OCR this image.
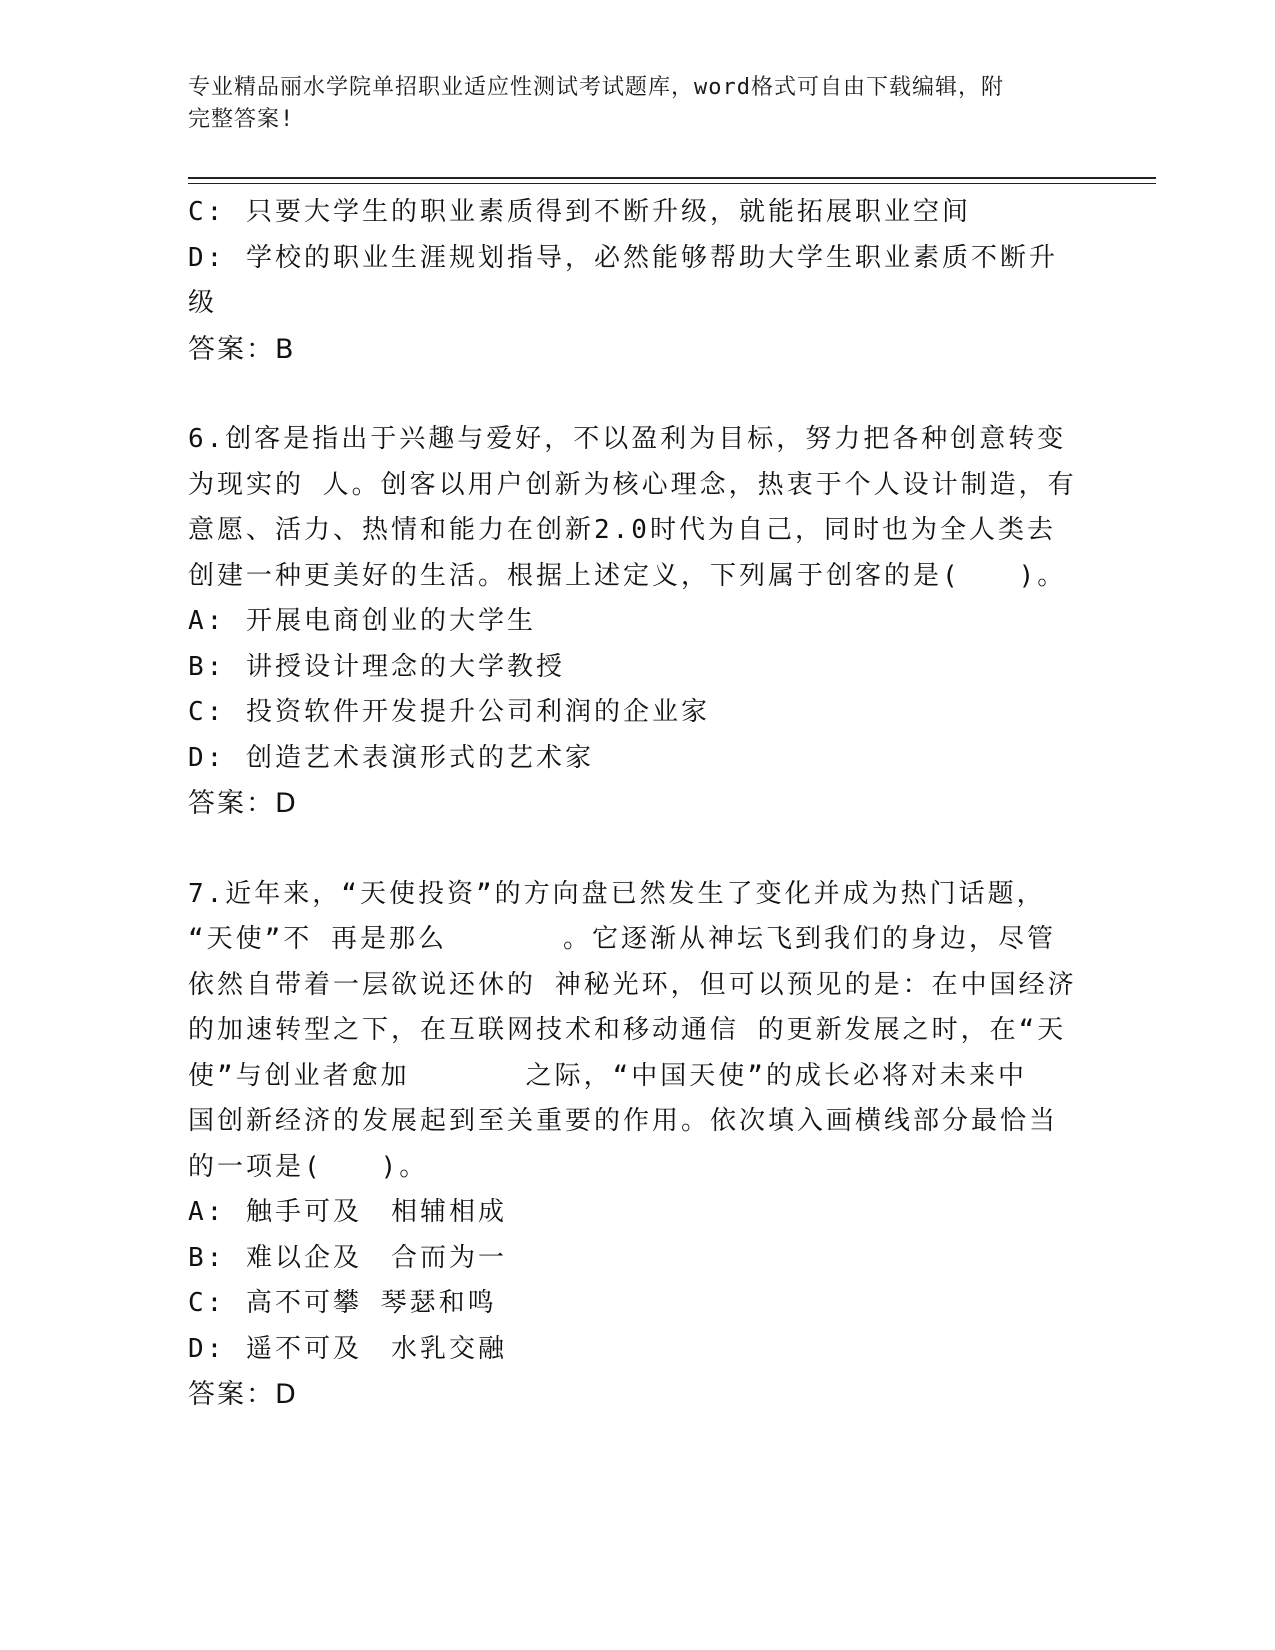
专业精品丽水学院单招职业适应性测试考试题库，word格式可自由下载编辑，附
完整答案!

C: 只要大学生的职业素质得到不断升级，就能拓展职业空间

D: 学校的职业生涯规划指导，必然能够帮助大学生职业素质不断升

级

答案：B

6.创客是指出于兴趣与爱好，不以盈利为目标，努力把各种创意转变

为现实的 人。创客以用户创新为核心理念，热衷于个人设计制造，有

意愿、活力、热情和能力在创新2.0时代为自己，同时也为全人类去

创建一种更美好的生活。根据上述定义，下列属于创客的是(　　)。

A: 开展电商创业的大学生

B: 讲授设计理念的大学教授

C: 投资软件开发提升公司利润的企业家

D: 创造艺术表演形式的艺术家

答案：D

7.近年来，“天使投资”的方向盘已然发生了变化并成为热门话题，

“天使”不 再是那么　　　　。它逐渐从神坛飞到我们的身边，尽管

依然自带着一层欲说还休的 神秘光环，但可以预见的是：在中国经济

的加速转型之下，在互联网技术和移动通信 的更新发展之时，在“天

使”与创业者愈加　　　　之际，“中国天使”的成长必将对未来中

国创新经济的发展起到至关重要的作用。依次填入画横线部分最恰当

的一项是(　　)。

A: 触手可及　相辅相成

B: 难以企及　合而为一

C: 高不可攀 琴瑟和鸣

D: 遥不可及　水乳交融

答案：D
